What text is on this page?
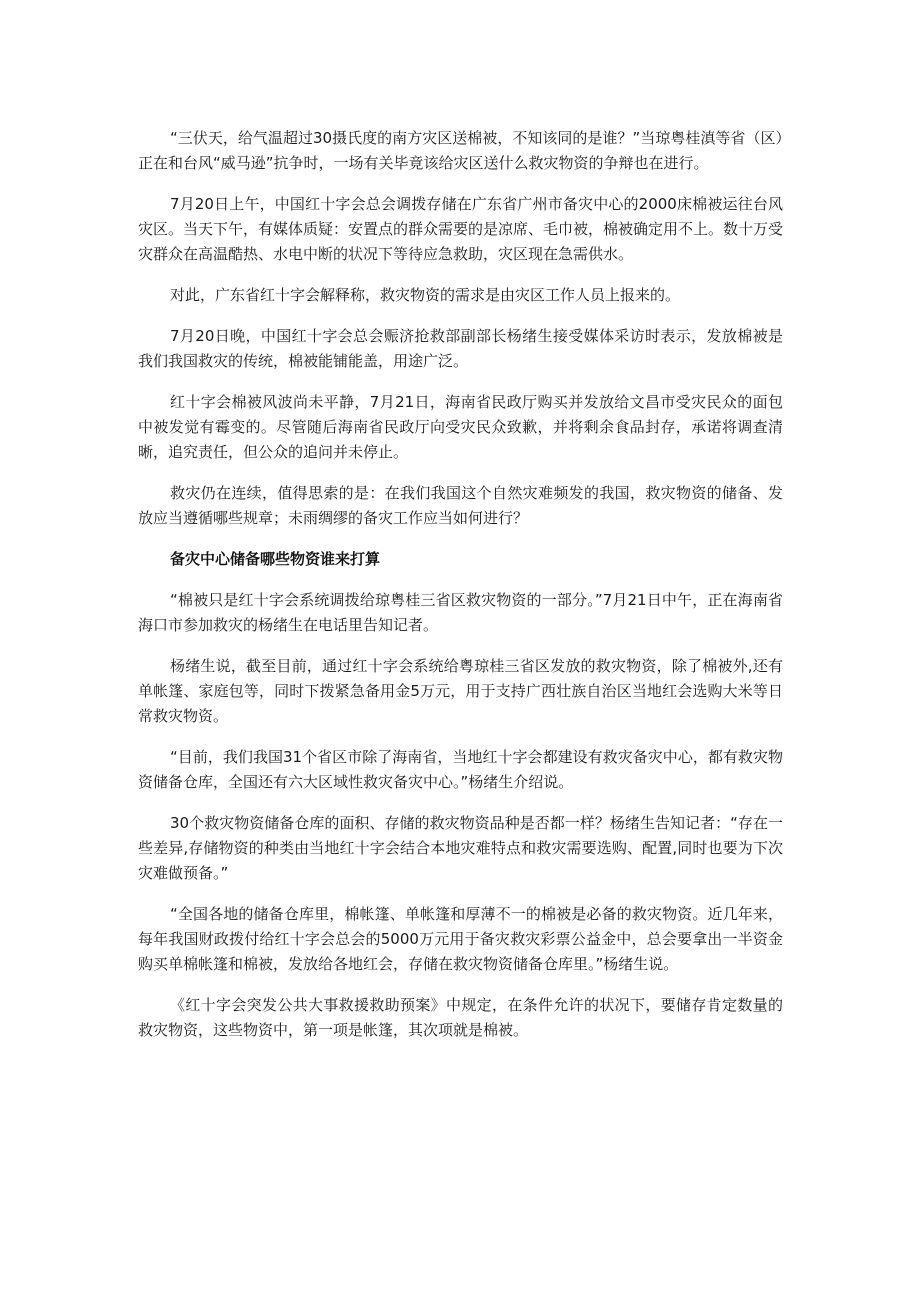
“三伏天，给气温超过30摄氏度的南方灾区送棉被，不知该同的是谁？”当琼粤桂滇等省（区）正在和台风“威马逊”抗争时，一场有关毕竟该给灾区送什么救灾物资的争辩也在进行。

7月20日上午，中国红十字会总会调拨存储在广东省广州市备灾中心的2000床棉被运往台风灾区。当天下午，有媒体质疑：安置点的群众需要的是凉席、毛巾被，棉被确定用不上。数十万受灾群众在高温酷热、水电中断的状况下等待应急救助，灾区现在急需供水。

对此，广东省红十字会解释称，救灾物资的需求是由灾区工作人员上报来的。

7月20日晚，中国红十字会总会赈济抢救部副部长杨绪生接受媒体采访时表示，发放棉被是我们我国救灾的传统，棉被能铺能盖，用途广泛。

红十字会棉被风波尚未平静，7月21日，海南省民政厅购买并发放给文昌市受灾民众的面包中被发觉有霉变的。尽管随后海南省民政厅向受灾民众致歉，并将剩余食品封存，承诺将调查清晰，追究责任，但公众的追问并未停止。

救灾仍在连续，值得思索的是：在我们我国这个自然灾难频发的我国，救灾物资的储备、发放应当遵循哪些规章；未雨绸缪的备灾工作应当如何进行？

备灾中心储备哪些物资谁来打算

“棉被只是红十字会系统调拨给琼粤桂三省区救灾物资的一部分。”7月21日中午，正在海南省海口市参加救灾的杨绪生在电话里告知记者。

杨绪生说，截至目前，通过红十字会系统给粤琼桂三省区发放的救灾物资，除了棉被外,还有单帐篷、家庭包等，同时下拨紧急备用金5万元，用于支持广西壮族自治区当地红会选购大米等日常救灾物资。

“目前，我们我国31个省区市除了海南省，当地红十字会都建设有救灾备灾中心，都有救灾物资储备仓库，全国还有六大区域性救灾备灾中心。”杨绪生介绍说。

30个救灾物资储备仓库的面积、存储的救灾物资品种是否都一样？杨绪生告知记者：“存在一些差异,存储物资的种类由当地红十字会结合本地灾难特点和救灾需要选购、配置,同时也要为下次灾难做预备。”

“全国各地的储备仓库里，棉帐篷、单帐篷和厚薄不一的棉被是必备的救灾物资。近几年来，每年我国财政拨付给红十字会总会的5000万元用于备灾救灾彩票公益金中，总会要拿出一半资金购买单棉帐篷和棉被，发放给各地红会，存储在救灾物资储备仓库里。”杨绪生说。

《红十字会突发公共大事救援救助预案》中规定，在条件允许的状况下，要储存肯定数量的救灾物资，这些物资中，第一项是帐篷，其次项就是棉被。
